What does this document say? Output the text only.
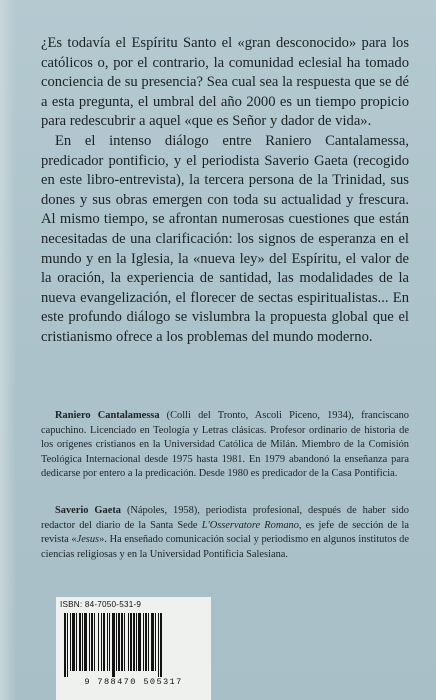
¿Es todavía el Espíritu Santo el «gran desconocido» para los católicos o, por el contrario, la comunidad eclesial ha tomado conciencia de su presencia? Sea cual sea la respuesta que se dé a esta pregunta, el umbral del año 2000 es un tiempo propicio para redescubrir a aquel «que es Señor y dador de vida».

En el intenso diálogo entre Raniero Cantalamessa, predicador pontificio, y el periodista Saverio Gaeta (recogido en este libro-entrevista), la tercera persona de la Trinidad, sus dones y sus obras emergen con toda su actualidad y frescura. Al mismo tiempo, se afrontan numerosas cuestiones que están necesitadas de una clarificación: los signos de esperanza en el mundo y en la Iglesia, la «nueva ley» del Espíritu, el valor de la oración, la experiencia de santidad, las modalidades de la nueva evangelización, el florecer de sectas espiritualistas... En este profundo diálogo se vislumbra la propuesta global que el cristianismo ofrece a los problemas del mundo moderno.

Raniero Cantalamessa (Colli del Tronto, Ascoli Piceno, 1934), franciscano capuchino. Licenciado en Teología y Letras clásicas. Profesor ordinario de historia de los orígenes cristianos en la Universidad Católica de Milán. Miembro de la Comisión Teológica Internacional desde 1975 hasta 1981. En 1979 abandonó la enseñanza para dedicarse por entero a la predicación. Desde 1980 es predicador de la Casa Pontificia.

Saverio Gaeta (Nápoles, 1958), periodista profesional, después de haber sido redactor del diario de la Santa Sede L'Osservatore Romano, es jefe de sección de la revista «Jesus». Ha enseñado comunicación social y periodismo en algunos institutos de ciencias religiosas y en la Universidad Pontificia Salesiana.

ISBN: 84-7050-531-9
9 788470 505317
